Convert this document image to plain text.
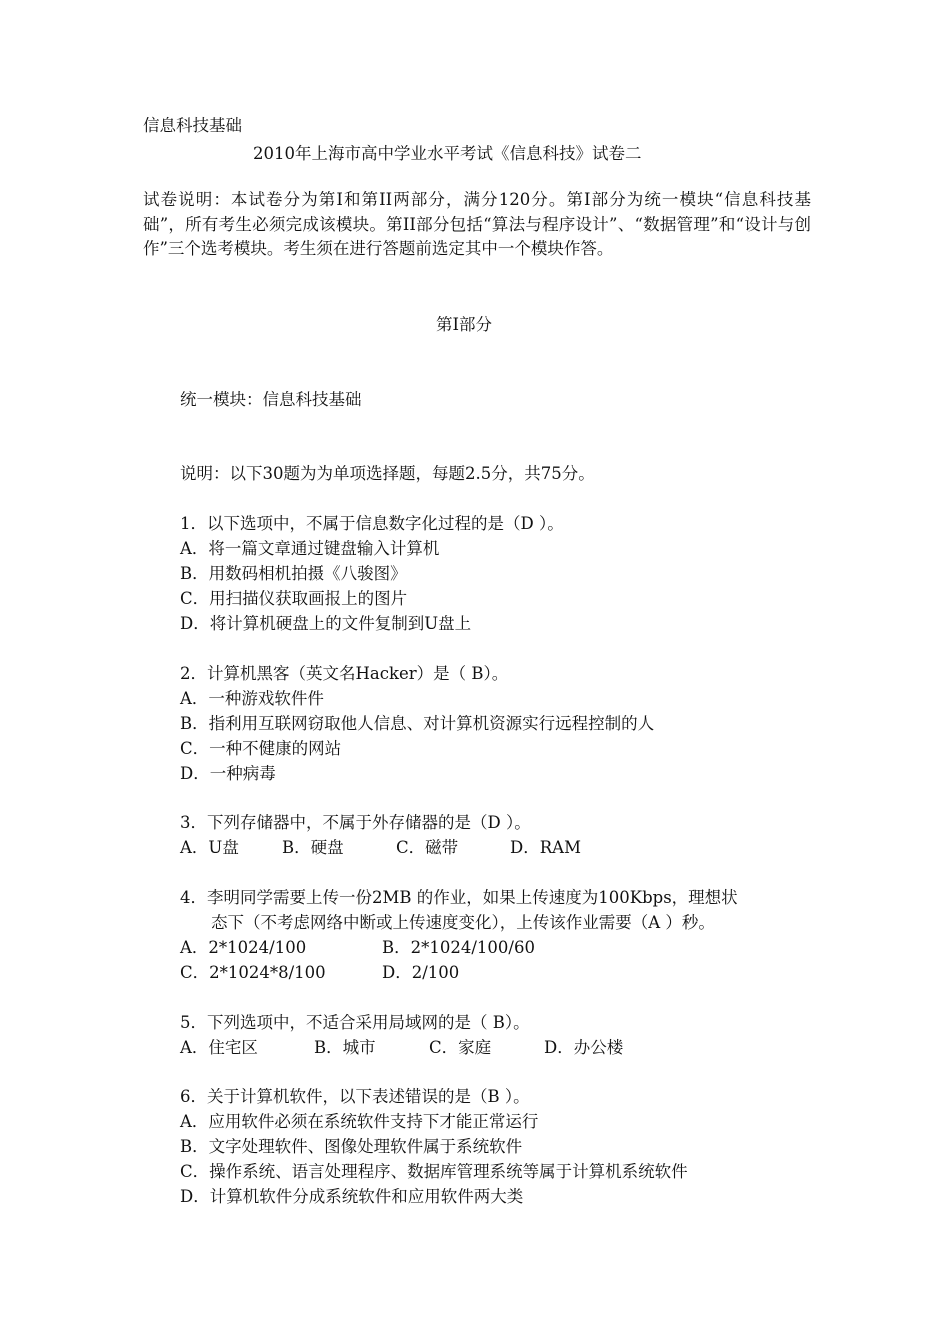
信息科技基础
2010年上海市高中学业水平考试《信息科技》试卷二
试卷说明：本试卷分为第I和第II两部分，满分120分。第I部分为统一模块“信息科技基础”，所有考生必须完成该模块。第II部分包括“算法与程序设计”、“数据管理”和“设计与创作”三个选考模块。考生须在进行答题前选定其中一个模块作答。
第I部分
统一模块：信息科技基础
说明：以下30题为为单项选择题，每题2.5分，共75分。
1．以下选项中，不属于信息数字化过程的是（D ）。
A．将一篇文章通过键盘输入计算机
B．用数码相机拍摄《八骏图》
C．用扫描仪获取画报上的图片
D．将计算机硬盘上的文件复制到U盘上
2．计算机黑客（英文名Hacker）是（ B）。
A．一种游戏软件件
B．指利用互联网窃取他人信息、对计算机资源实行远程控制的人
C．一种不健康的网站
D．一种病毒
3．下列存储器中，不属于外存储器的是（D ）。
A．U盘	B．硬盘	C．磁带	D．RAM
4．李明同学需要上传一份2MB 的作业，如果上传速度为100Kbps，理想状
态下（不考虑网络中断或上传速度变化），上传该作业需要（A ）秒。
A．2*1024/100	B．2*1024/100/60
C．2*1024*8/100	D．2/100
5．下列选项中，不适合采用局域网的是（ B）。
A．住宅区	B．城市	C．家庭	D．办公楼
6．关于计算机软件，以下表述错误的是（B ）。
A．应用软件必须在系统软件支持下才能正常运行
B．文字处理软件、图像处理软件属于系统软件
C．操作系统、语言处理程序、数据库管理系统等属于计算机系统软件
D．计算机软件分成系统软件和应用软件两大类
